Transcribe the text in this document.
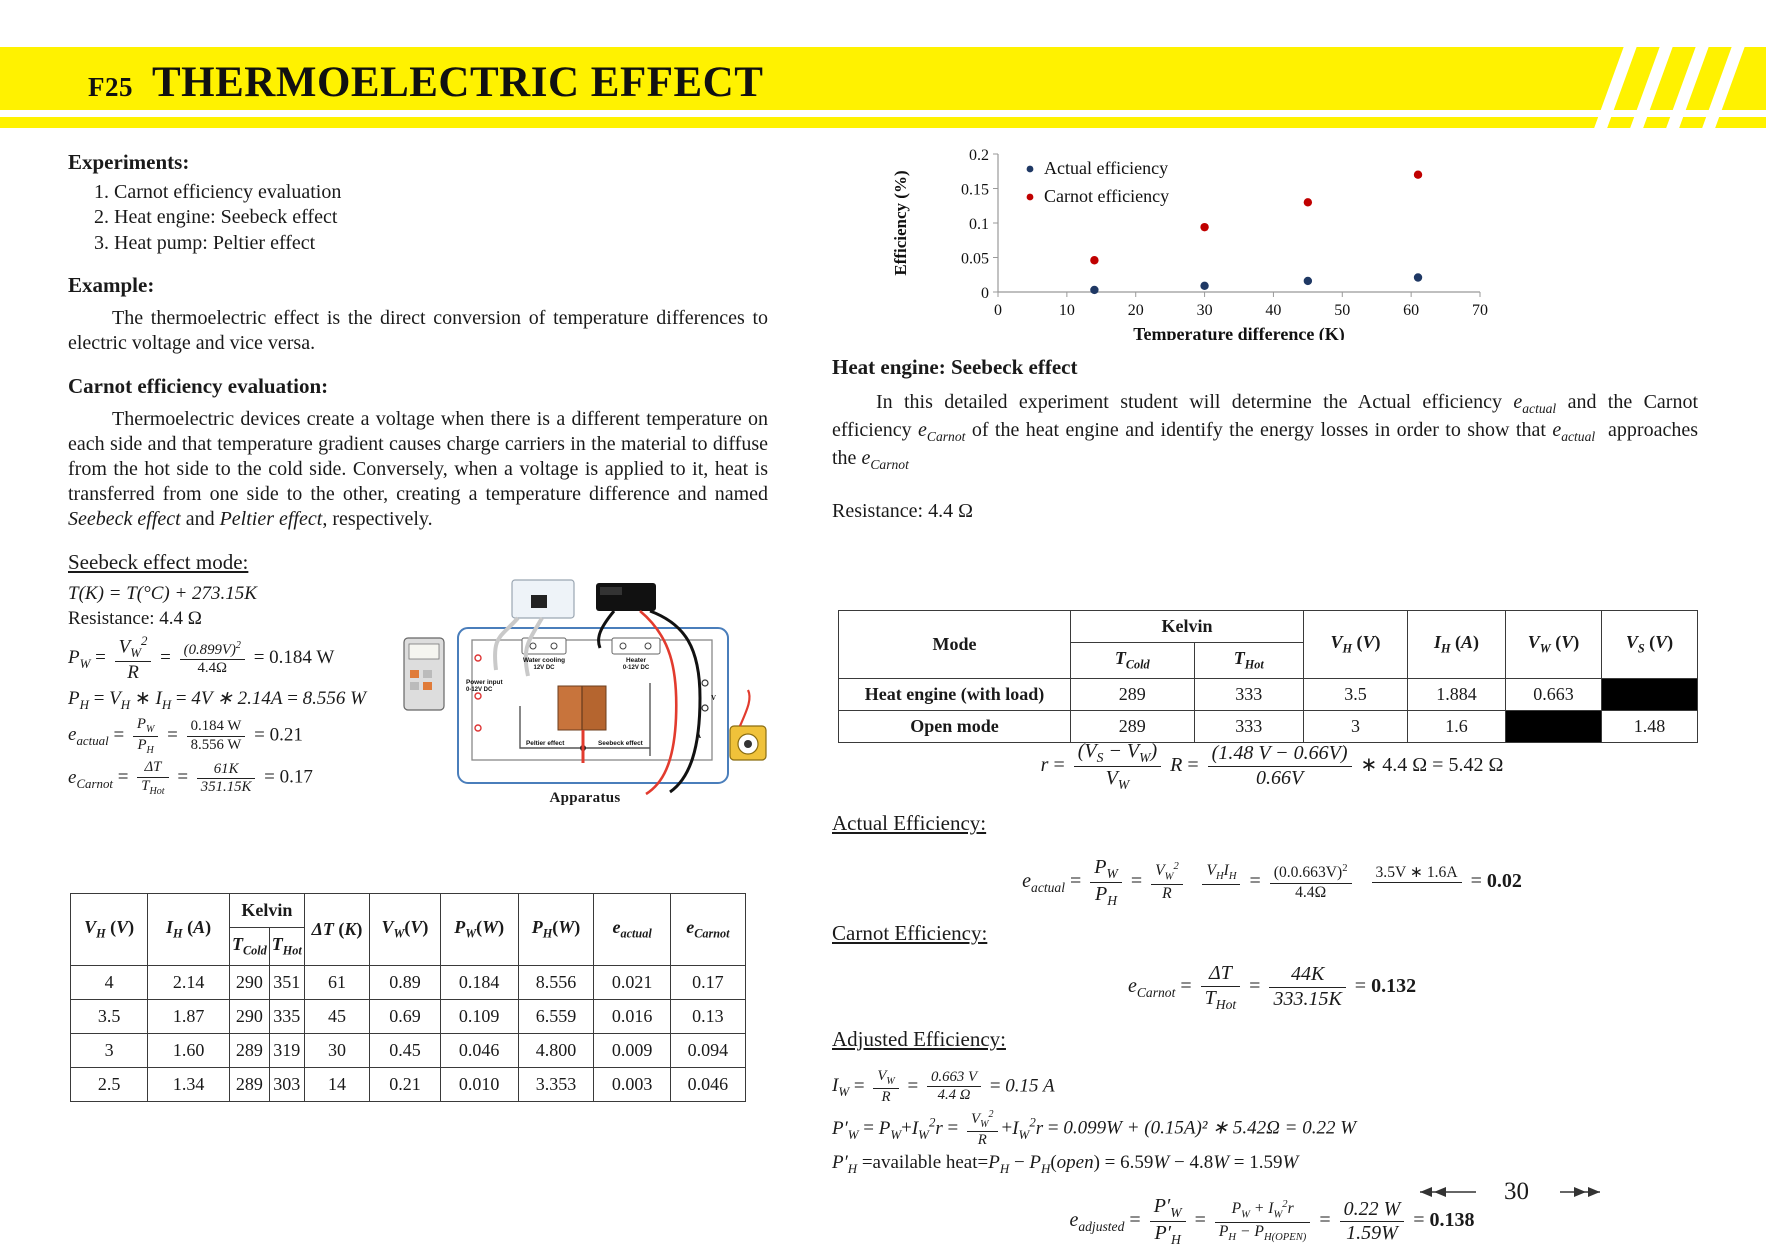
F25 THERMOELECTRIC EFFECT
Experiments:
1. Carnot efficiency evaluation
2. Heat engine: Seebeck effect
3. Heat pump: Peltier effect
Example:

The thermoelectric effect is the direct conversion of temperature differences to electric voltage and vice versa.

Carnot efficiency evaluation:

Thermoelectric devices create a voltage when there is a different temperature on each side and that temperature gradient causes charge carriers in the material to diffuse from the hot side to the cold side. Conversely, when a voltage is applied to it, heat is transferred from one side to the other, creating a temperature difference and named Seebeck effect and Peltier effect, respectively.

Seebeck effect mode:
T(K) = T(°C) + 273.15K
Resistance: 4.4 Ω
$P_W = \frac{V_W^2}{R} = \frac{(0.899V)^2}{4.4\Omega} = 0.184$ W
$P_H = V_H$ ∗ $I_H = 4V$ ∗ 2.14A = 8.556 W
$e_{actual} = \frac{P_W}{P_H} = \frac{0.184 W}{8.556 W} = 0.21$
$e_{Carnot} = \frac{\Delta T}{T_{Hot}} = \frac{61K}{351.15K} = 0.17$
Water cooling
12V DC
Heater
0-12V DC
Power input
0-12V DC
Peltier effect	Seebeck effect
A
V
Apparatus
$V_H$ (V)	$I_H$ (A)	Kelvin		ΔT (K)	$V_W(V)$	$P_W(W)$	$P_H(W)$	$e_{actual}$	$e_{Carnot}$
		$T_{Cold}$	$T_{Hot}$
4	2.14	290	351	61	0.89	0.184	8.556	0.021	0.17
3.5	1.87	290	335	45	0.69	0.109	6.559	0.016	0.13
3	1.60	289	319	30	0.45	0.046	4.800	0.009	0.094
2.5	1.34	289	303	14	0.21	0.010	3.353	0.003	0.046
0
0.05
0.1
0.15
0.2
0	10	20	30	40	50	60	70
Efficiency (%)
Temperature difference (K)
Actual efficiency
Carnot efficiency
Heat engine: Seebeck effect

In this detailed experiment student will determine the Actual efficiency $e_{actual}$ and the Carnot efficiency $e_{Carnot}$ of the heat engine and identify the energy losses in order to show that $e_{actual}$  approaches the $e_{Carnot}$

Resistance: 4.4 Ω
Mode	Kelvin		$V_H$ (V)	$I_H$ (A)	$V_W$ (V)	$V_S$ (V)
	$T_{Cold}$	$T_{Hot}$
Heat engine (with load)	289	333	3.5	1.884	0.663	
Open mode	289	333	3	1.6		1.48
$r = \frac{(V_S - V_W)}{V_W}$ $R = \frac{(1.48 V - 0.66V)}{0.66V}$ ∗ 4.4 Ω = 5.42 Ω
Actual Efficiency:
$e_{actual} = \frac{P_W}{P_H} = \frac{V_W^2}{R}$
  $V_HI_H$
= $\frac{(0.0.663V)^2}{4.4\Omega}$
3.5V ∗ 1.6A
= 0.02
Carnot Efficiency:
$e_{Carnot} = \frac{\Delta T}{T_{Hot}} = \frac{44K}{333.15K} = 0.132$
Adjusted Efficiency:
$I_W = \frac{V_W}{R} = \frac{0.663 V}{4.4 \Omega} = 0.15$ A
$P'_W = P_W+I_W^2r = \frac{V_W^2}{R} +I_W^2r = 0.099W + (0.15A)^2$ ∗ 5.42Ω = 0.22 W
$P'_H$ =available $heat=P_H$ − $P_H(open) = 6.59W - 4.8W = 1.59W$
$e_{adjusted} = \frac{P'_W}{P'_H} = \frac{P_W + I_W^2r}{P_H - P_{H(OPEN)}} = \frac{0.22 W}{1.59W} = 0.138$
30
